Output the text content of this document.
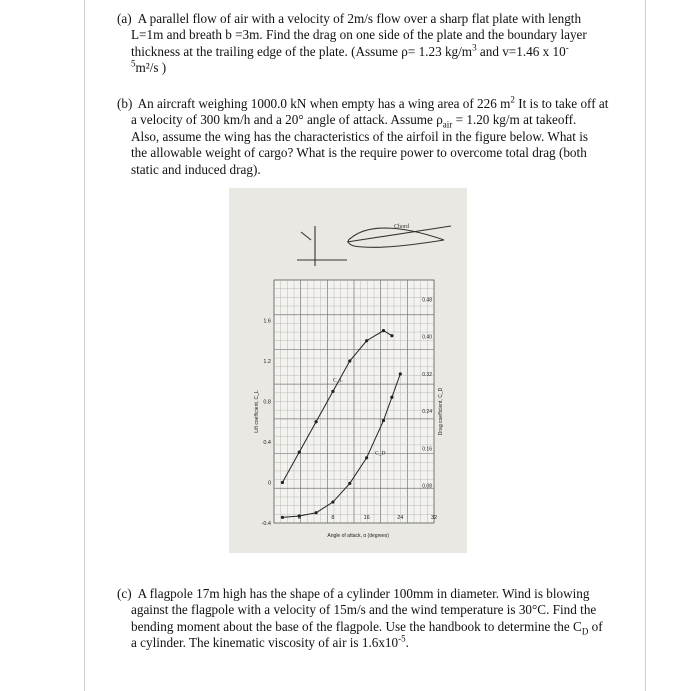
(a) A parallel flow of air with a velocity of 2m/s flow over a sharp flat plate with length
L=1m and breath b =3m. Find the drag on one side of the plate and the boundary layer
thickness at the trailing edge of the plate. (Assume ρ= 1.23 $kg/m^3$ and v=1.46 x 10-
$^5$m²/s )
(b) An aircraft weighing 1000.0 kN when empty has a wing area of 226 $m^2$ It is to take off at
a velocity of 300 km/h and a 20° angle of attack. Assume $\rho_{air} = 1.20$ kg/m at takeoff.
Also, assume the wing has the characteristics of the airfoil in the figure below. What is
the allowable weight of cargo? What is the require power to overcome total drag (both
static and induced drag).
Chord
1.6
1.2
0.8
0.4
0
-0.4
0.48
0.40
0.32
0.24
0.16
0.08
0	8	16	24	32
Lift coefficient, C_L	Drag coefficient, C_D
Angle of attack, α (degrees)
C_L
C_D
(c) A flagpole 17m high has the shape of a cylinder 100mm in diameter. Wind is blowing
against the flagpole with a velocity of 15m/s and the wind temperature is 30°C. Find the
bending moment about the base of the flagpole. Use the handbook to determine the $C_D$ of
a cylinder. The kinematic viscosity of air is $1.6x10^{-5}$.
